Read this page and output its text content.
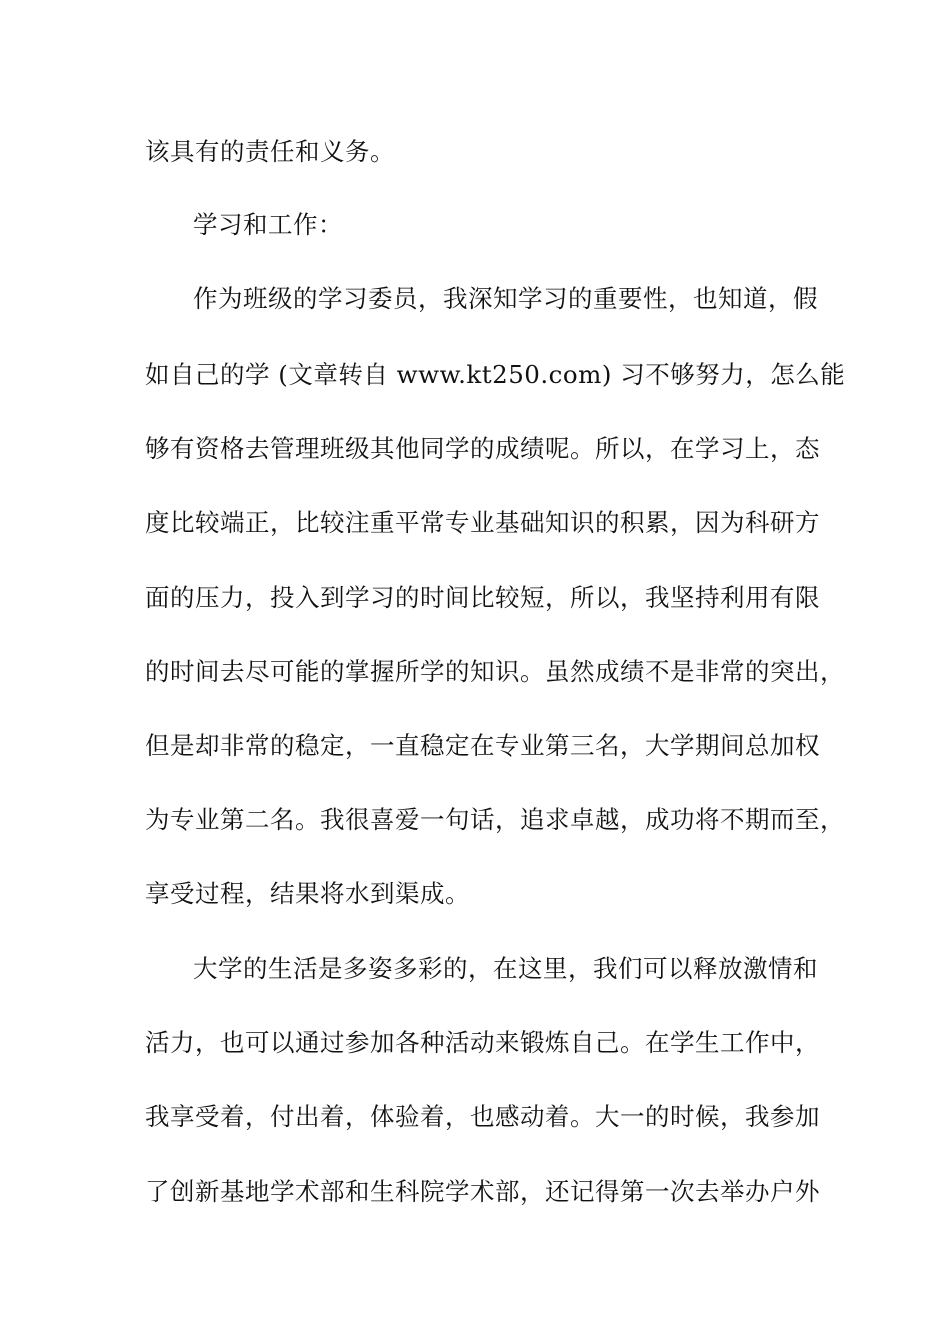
该具有的责任和义务。
学习和工作：
作为班级的学习委员，我深知学习的重要性，也知道，假
如自己的学 (文章转自 www.kt250.com) 习不够努力，怎么能
够有资格去管理班级其他同学的成绩呢。所以，在学习上，态
度比较端正，比较注重平常专业基础知识的积累，因为科研方
面的压力，投入到学习的时间比较短，所以，我坚持利用有限
的时间去尽可能的掌握所学的知识。虽然成绩不是非常的突出，
但是却非常的稳定，一直稳定在专业第三名，大学期间总加权
为专业第二名。我很喜爱一句话，追求卓越，成功将不期而至，
享受过程，结果将水到渠成。
大学的生活是多姿多彩的，在这里，我们可以释放激情和
活力，也可以通过参加各种活动来锻炼自己。在学生工作中，
我享受着，付出着，体验着，也感动着。大一的时候，我参加
了创新基地学术部和生科院学术部，还记得第一次去举办户外
